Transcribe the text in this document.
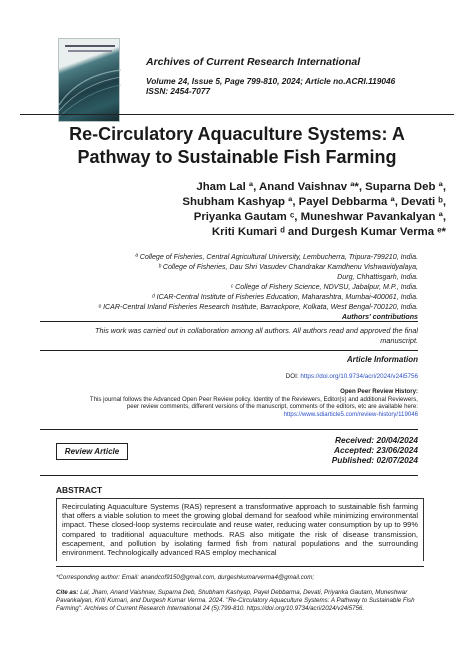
Archives of Current Research International
Volume 24, Issue 5, Page 799-810, 2024; Article no.ACRI.119046
ISSN: 2454-7077
Re-Circulatory Aquaculture Systems: A
Pathway to Sustainable Fish Farming
Jham Lal ª, Anand Vaishnav ª*, Suparna Deb ª,
Shubham Kashyap ª, Payel Debbarma ª, Devati ᵇ,
Priyanka Gautam ᶜ, Muneshwar Pavankalyan ª,
Kriti Kumari ᵈ and Durgesh Kumar Verma ᵉ*
ª College of Fisheries, Central Agricultural University, Lembucherra, Tripura-799210, India.
ᵇ College of Fisheries, Dau Shri Vasudev Chandrakar Kamdhenu Vishwavidyalaya,
Durg, Chhattisgarh, India.
ᶜ College of Fishery Science, NDVSU, Jabalpur, M.P., India.
ᵈ ICAR-Central Institute of Fisheries Education, Maharashtra, Mumbai-400061, India.
ᵉ ICAR-Central Inland Fisheries Research Institute, Barrackpore, Kolkata, West Bengal-700120, India.
Authors' contributions
This work was carried out in collaboration among all authors. All authors read and approved the final
manuscript.
Article Information
DOI: https://doi.org/10.9734/acri/2024/v24i5756
Open Peer Review History:
This journal follows the Advanced Open Peer Review policy. Identity of the Reviewers, Editor(s) and additional Reviewers,
peer review comments, different versions of the manuscript, comments of the editors, etc are available here:
https://www.sdiarticle5.com/review-history/119046
Review Article
Received: 20/04/2024
Accepted: 23/06/2024
Published: 02/07/2024
ABSTRACT
Recirculating Aquaculture Systems (RAS) represent a transformative approach to sustainable fish farming that offers a viable solution to meet the growing global demand for seafood while minimizing environmental impact. These closed-loop systems recirculate and reuse water, reducing water consumption by up to 99% compared to traditional aquaculture methods. RAS also mitigate the risk of disease transmission, escapement, and pollution by isolating farmed fish from natural populations and the surrounding environment. Technologically advanced RAS employ mechanical
*Corresponding author: Email: anandcof9150@gmail.com, durgeshkumarverma4@gmail.com;
Cite as: Lal, Jham, Anand Vaishnav, Suparna Deb, Shubham Kashyap, Payel Debbarma, Devati, Priyanka Gautam, Muneshwar Pavankalyan, Kriti Kumari, and Durgesh Kumar Verma. 2024. "Re-Circulatory Aquaculture Systems: A Pathway to Sustainable Fish Farming". Archives of Current Research International 24 (5):799-810. https://doi.org/10.9734/acri/2024/v24i5756.
